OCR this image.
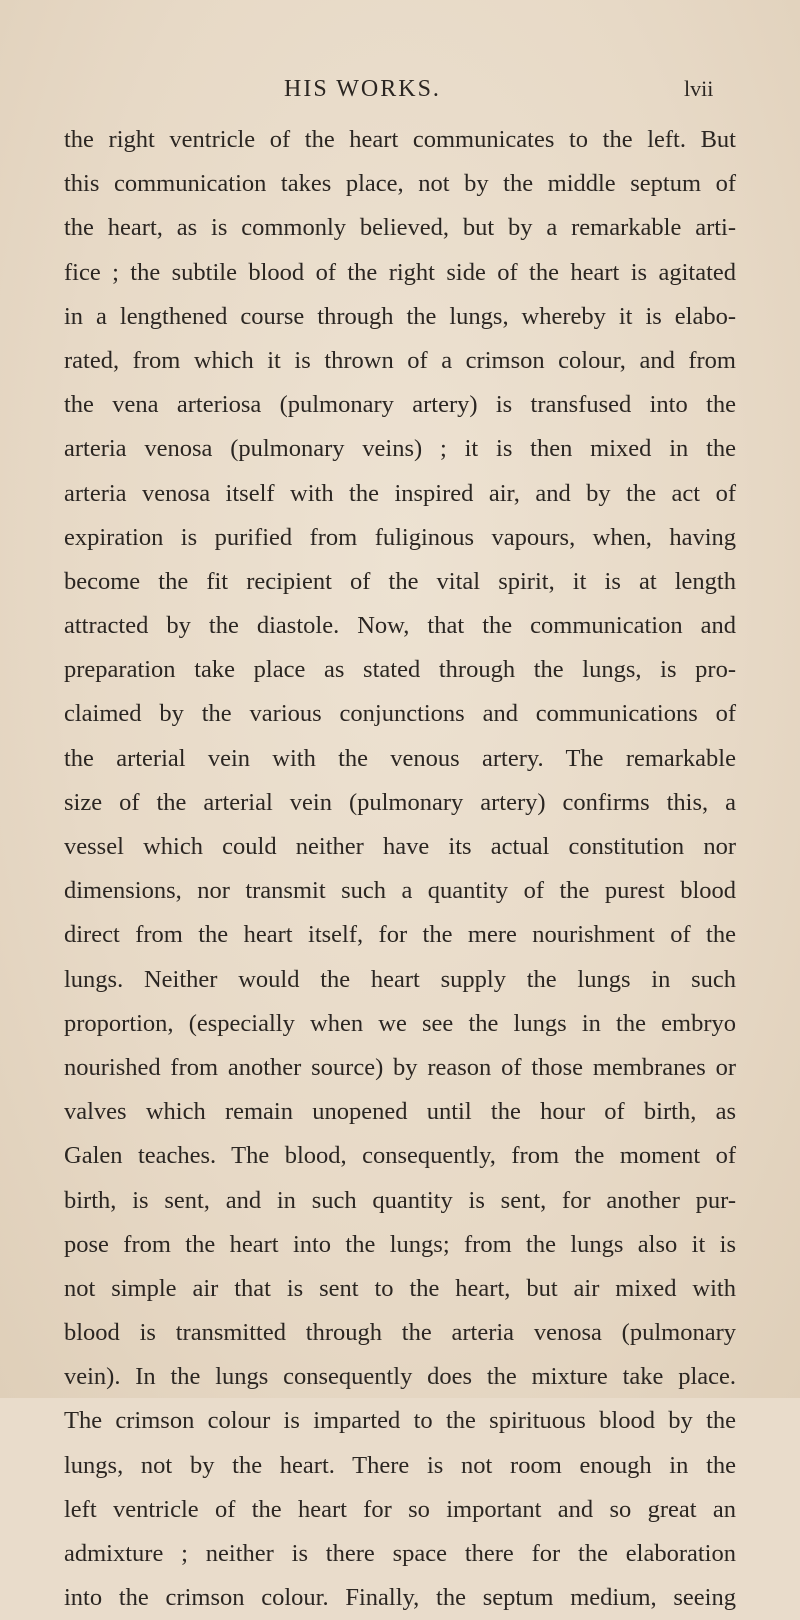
HIS WORKS.	lvii
the right ventricle of the heart communicates to the left. But
this communication takes place, not by the middle septum of
the heart, as is commonly believed, but by a remarkable arti-
fice ; the subtile blood of the right side of the heart is agitated
in a lengthened course through the lungs, whereby it is elabo-
rated, from which it is thrown of a crimson colour, and from
the vena arteriosa (pulmonary artery) is transfused into the
arteria venosa (pulmonary veins) ; it is then mixed in the
arteria venosa itself with the inspired air, and by the act of
expiration is purified from fuliginous vapours, when, having
become the fit recipient of the vital spirit, it is at length
attracted by the diastole. Now, that the communication and
preparation take place as stated through the lungs, is pro-
claimed by the various conjunctions and communications of
the arterial vein with the venous artery. The remarkable
size of the arterial vein (pulmonary artery) confirms this, a
vessel which could neither have its actual constitution nor
dimensions, nor transmit such a quantity of the purest blood
direct from the heart itself, for the mere nourishment of the
lungs. Neither would the heart supply the lungs in such
proportion, (especially when we see the lungs in the embryo
nourished from another source) by reason of those membranes or
valves which remain unopened until the hour of birth, as
Galen teaches. The blood, consequently, from the moment of
birth, is sent, and in such quantity is sent, for another pur-
pose from the heart into the lungs; from the lungs also it is
not simple air that is sent to the heart, but air mixed with
blood is transmitted through the arteria venosa (pulmonary
vein). In the lungs consequently does the mixture take place.
The crimson colour is imparted to the spirituous blood by the
lungs, not by the heart. There is not room enough in the
left ventricle of the heart for so important and so great an
admixture ; neither is there space there for the elaboration
into the crimson colour. Finally, the septum medium, seeing
